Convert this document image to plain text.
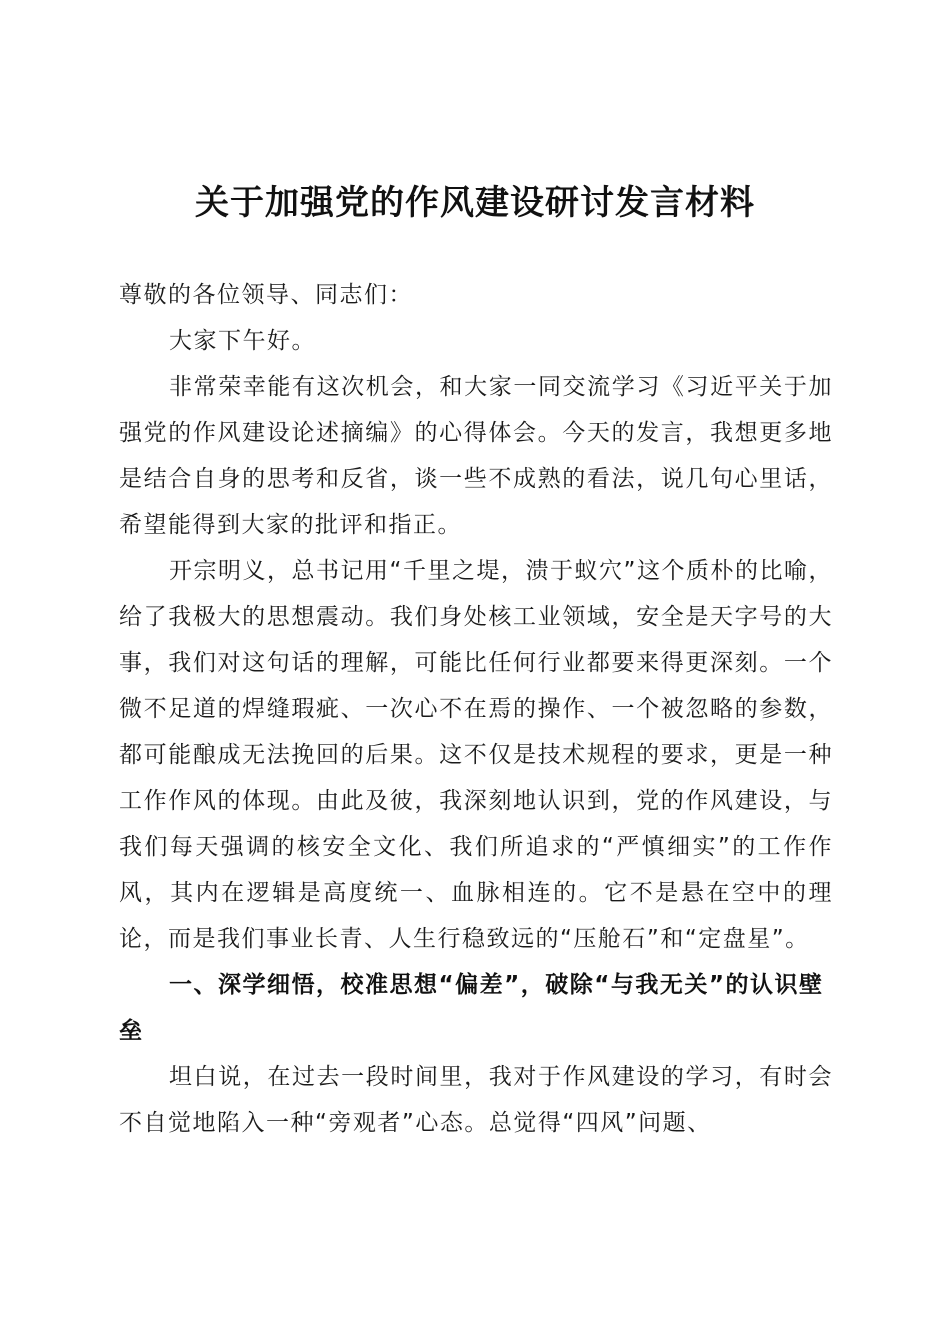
关于加强党的作风建设研讨发言材料

尊敬的各位领导、同志们：

大家下午好。

非常荣幸能有这次机会，和大家一同交流学习《习近平关于加强党的作风建设论述摘编》的心得体会。今天的发言，我想更多地是结合自身的思考和反省，谈一些不成熟的看法，说几句心里话，希望能得到大家的批评和指正。

开宗明义，总书记用“千里之堤，溃于蚁穴”这个质朴的比喻，给了我极大的思想震动。我们身处核工业领域，安全是天字号的大事，我们对这句话的理解，可能比任何行业都要来得更深刻。一个微不足道的焊缝瑕疵、一次心不在焉的操作、一个被忽略的参数，都可能酿成无法挽回的后果。这不仅是技术规程的要求，更是一种工作作风的体现。由此及彼，我深刻地认识到，党的作风建设，与我们每天强调的核安全文化、我们所追求的“严慎细实”的工作作风，其内在逻辑是高度统一、血脉相连的。它不是悬在空中的理论，而是我们事业长青、人生行稳致远的“压舱石”和“定盘星”。

一、深学细悟，校准思想“偏差”，破除“与我无关”的认识壁垒

坦白说，在过去一段时间里，我对于作风建设的学习，有时会不自觉地陷入一种“旁观者”心态。总觉得“四风”问题、
